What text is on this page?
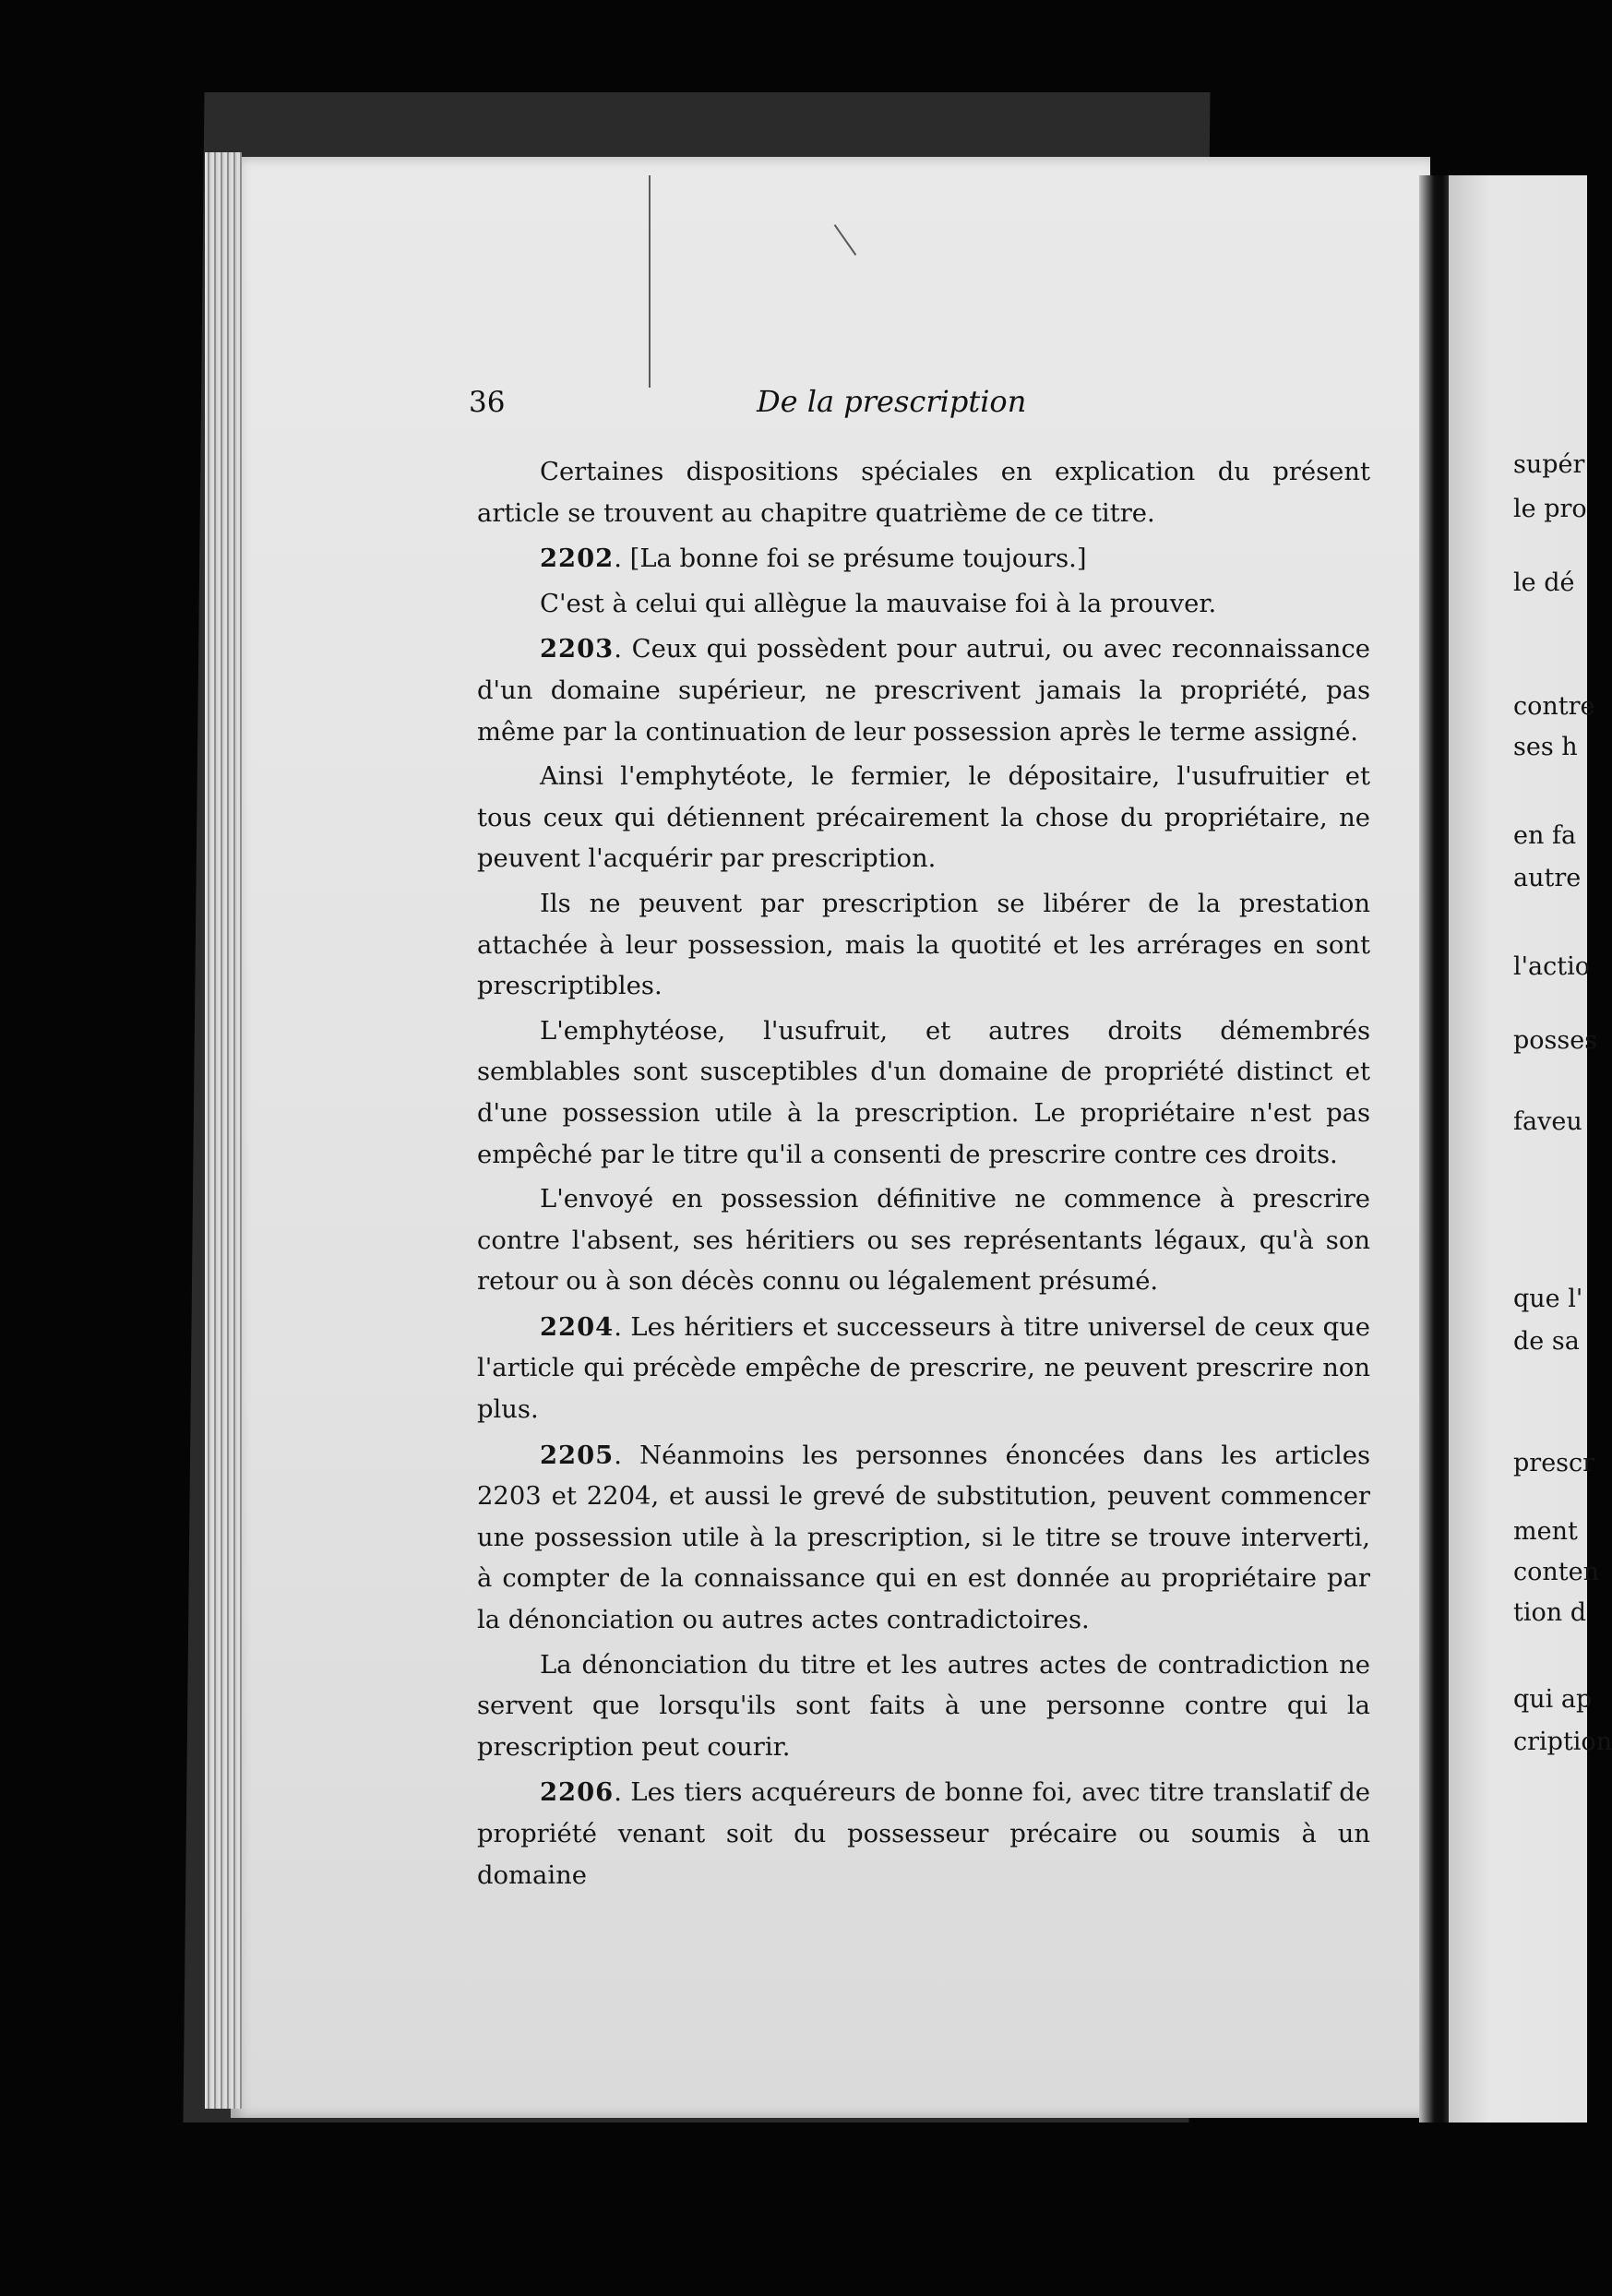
36	De la prescription

Certaines dispositions spéciales en explication du présent article se trouvent au chapitre quatrième de ce titre.

2202. [La bonne foi se présume toujours.]

C'est à celui qui allègue la mauvaise foi à la prouver.

2203. Ceux qui possèdent pour autrui, ou avec reconnaissance d'un domaine supérieur, ne prescrivent jamais la propriété, pas même par la continuation de leur possession après le terme assigné.

Ainsi l'emphytéote, le fermier, le dépositaire, l'usufruitier et tous ceux qui détiennent précairement la chose du propriétaire, ne peuvent l'acquérir par prescription.

Ils ne peuvent par prescription se libérer de la prestation attachée à leur possession, mais la quotité et les arrérages en sont prescriptibles.

L'emphytéose, l'usufruit, et autres droits démembrés semblables sont susceptibles d'un domaine de propriété distinct et d'une possession utile à la prescription. Le propriétaire n'est pas empêché par le titre qu'il a consenti de prescrire contre ces droits.

L'envoyé en possession définitive ne commence à prescrire contre l'absent, ses héritiers ou ses représentants légaux, qu'à son retour ou à son décès connu ou légalement présumé.

2204. Les héritiers et successeurs à titre universel de ceux que l'article qui précède empêche de prescrire, ne peuvent prescrire non plus.

2205. Néanmoins les personnes énoncées dans les articles 2203 et 2204, et aussi le grevé de substitution, peuvent commencer une possession utile à la prescription, si le titre se trouve interverti, à compter de la connaissance qui en est donnée au propriétaire par la dénonciation ou autres actes contradictoires.

La dénonciation du titre et les autres actes de contradiction ne servent que lorsqu'ils sont faits à une personne contre qui la prescription peut courir.

2206. Les tiers acquéreurs de bonne foi, avec titre translatif de propriété venant soit du possesseur précaire ou soumis à un domaine

supér
le pro
le dé
contre
ses h
en fa
autre
l'actio
posses
faveu
que l'
de sa
prescr
ment
conten
tion d
qui ap
cription
